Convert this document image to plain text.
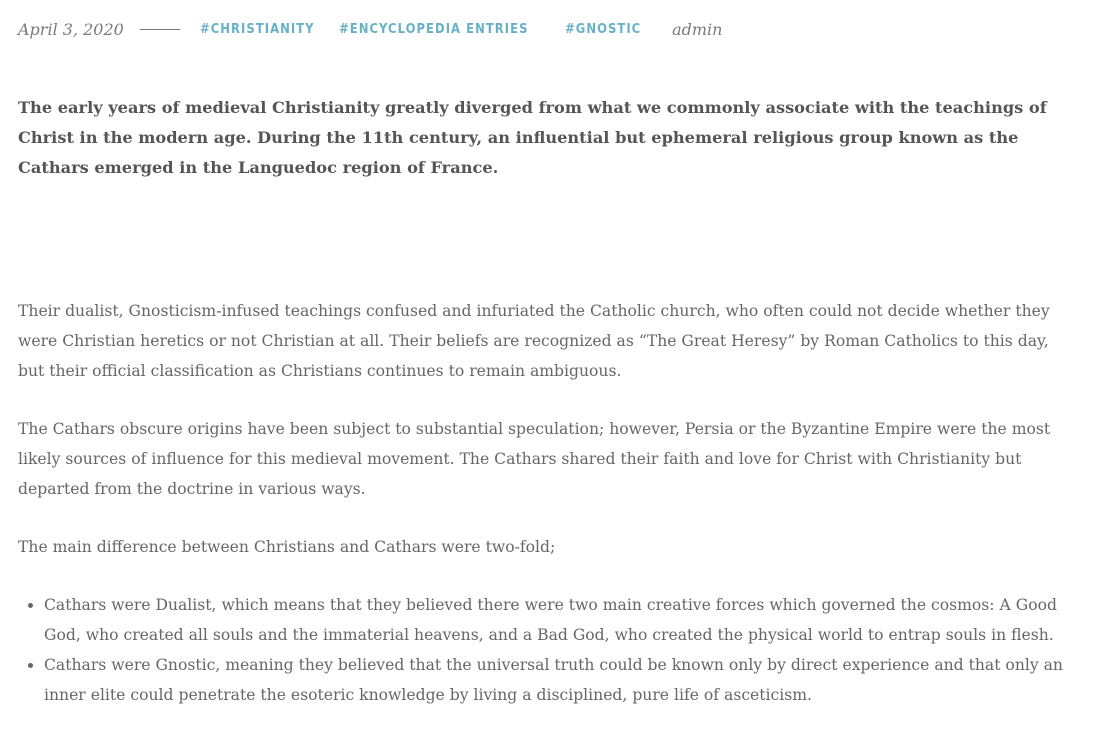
April 3, 2020	#CHRISTIANITY #ENCYCLOPEDIA ENTRIES	#GNOSTIC admin

The early years of medieval Christianity greatly diverged from what we commonly associate with the teachings of Christ in the modern age. During the 11th century, an influential but ephemeral religious group known as the Cathars emerged in the Languedoc region of France.

Their dualist, Gnosticism-infused teachings confused and infuriated the Catholic church, who often could not decide whether they were Christian heretics or not Christian at all. Their beliefs are recognized as “The Great Heresy” by Roman Catholics to this day, but their official classification as Christians continues to remain ambiguous.

The Cathars obscure origins have been subject to substantial speculation; however, Persia or the Byzantine Empire were the most likely sources of influence for this medieval movement. The Cathars shared their faith and love for Christ with Christianity but departed from the doctrine in various ways.

The main difference between Christians and Cathars were two-fold;

• Cathars were Dualist, which means that they believed there were two main creative forces which governed the cosmos: A Good God, who created all souls and the immaterial heavens, and a Bad God, who created the physical world to entrap souls in flesh.
• Cathars were Gnostic, meaning they believed that the universal truth could be known only by direct experience and that only an inner elite could penetrate the esoteric knowledge by living a disciplined, pure life of asceticism.
